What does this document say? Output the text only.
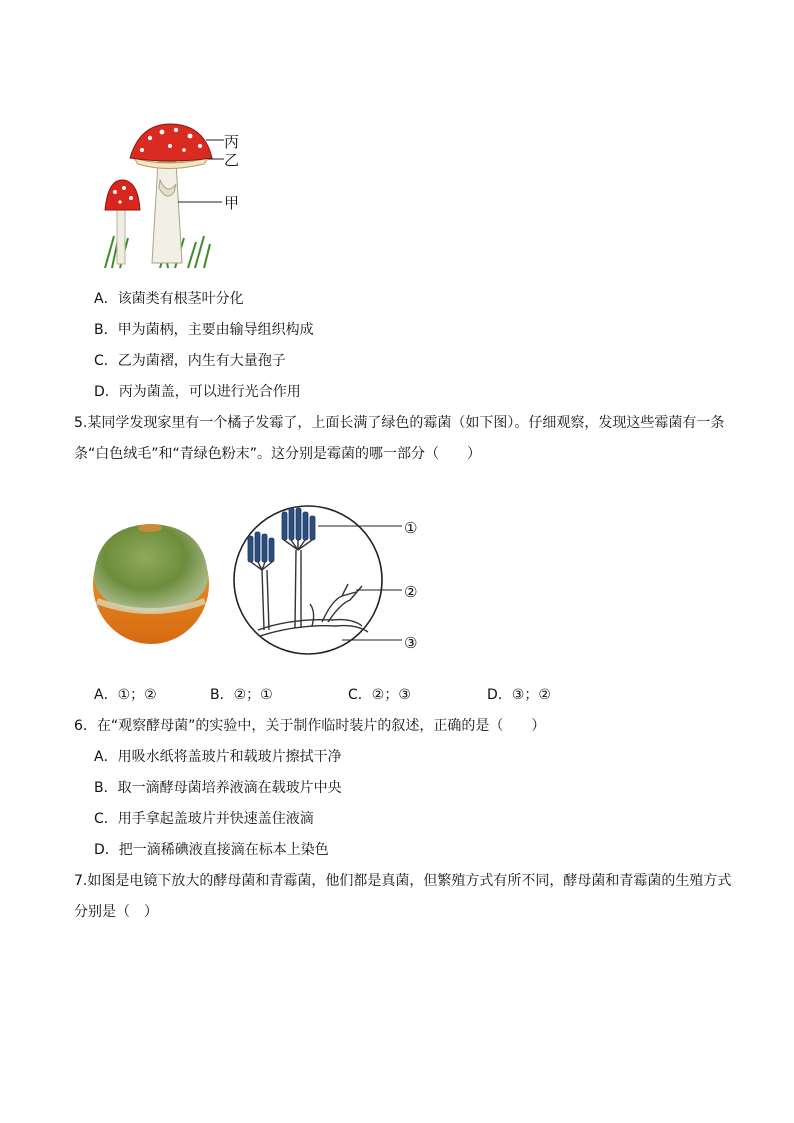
丙
乙
甲
A．该菌类有根茎叶分化
B．甲为菌柄，主要由输导组织构成
C．乙为菌褶，内生有大量孢子
D．丙为菌盖，可以进行光合作用
5.某同学发现家里有一个橘子发霉了，上面长满了绿色的霉菌（如下图）。仔细观察，发现这些霉菌有一条
条“白色绒毛”和“青绿色粉末”。这分别是霉菌的哪一部分（　　）
①
②
③
A．①；②	B．②；①	C．②；③	D．③；②
6．在“观察酵母菌”的实验中，关于制作临时装片的叙述，正确的是（　　）
A．用吸水纸将盖玻片和载玻片擦拭干净
B．取一滴酵母菌培养液滴在载玻片中央
C．用手拿起盖玻片并快速盖住液滴
D．把一滴稀碘液直接滴在标本上染色
7.如图是电镜下放大的酵母菌和青霉菌，他们都是真菌，但繁殖方式有所不同，酵母菌和青霉菌的生殖方式
分别是（　）
